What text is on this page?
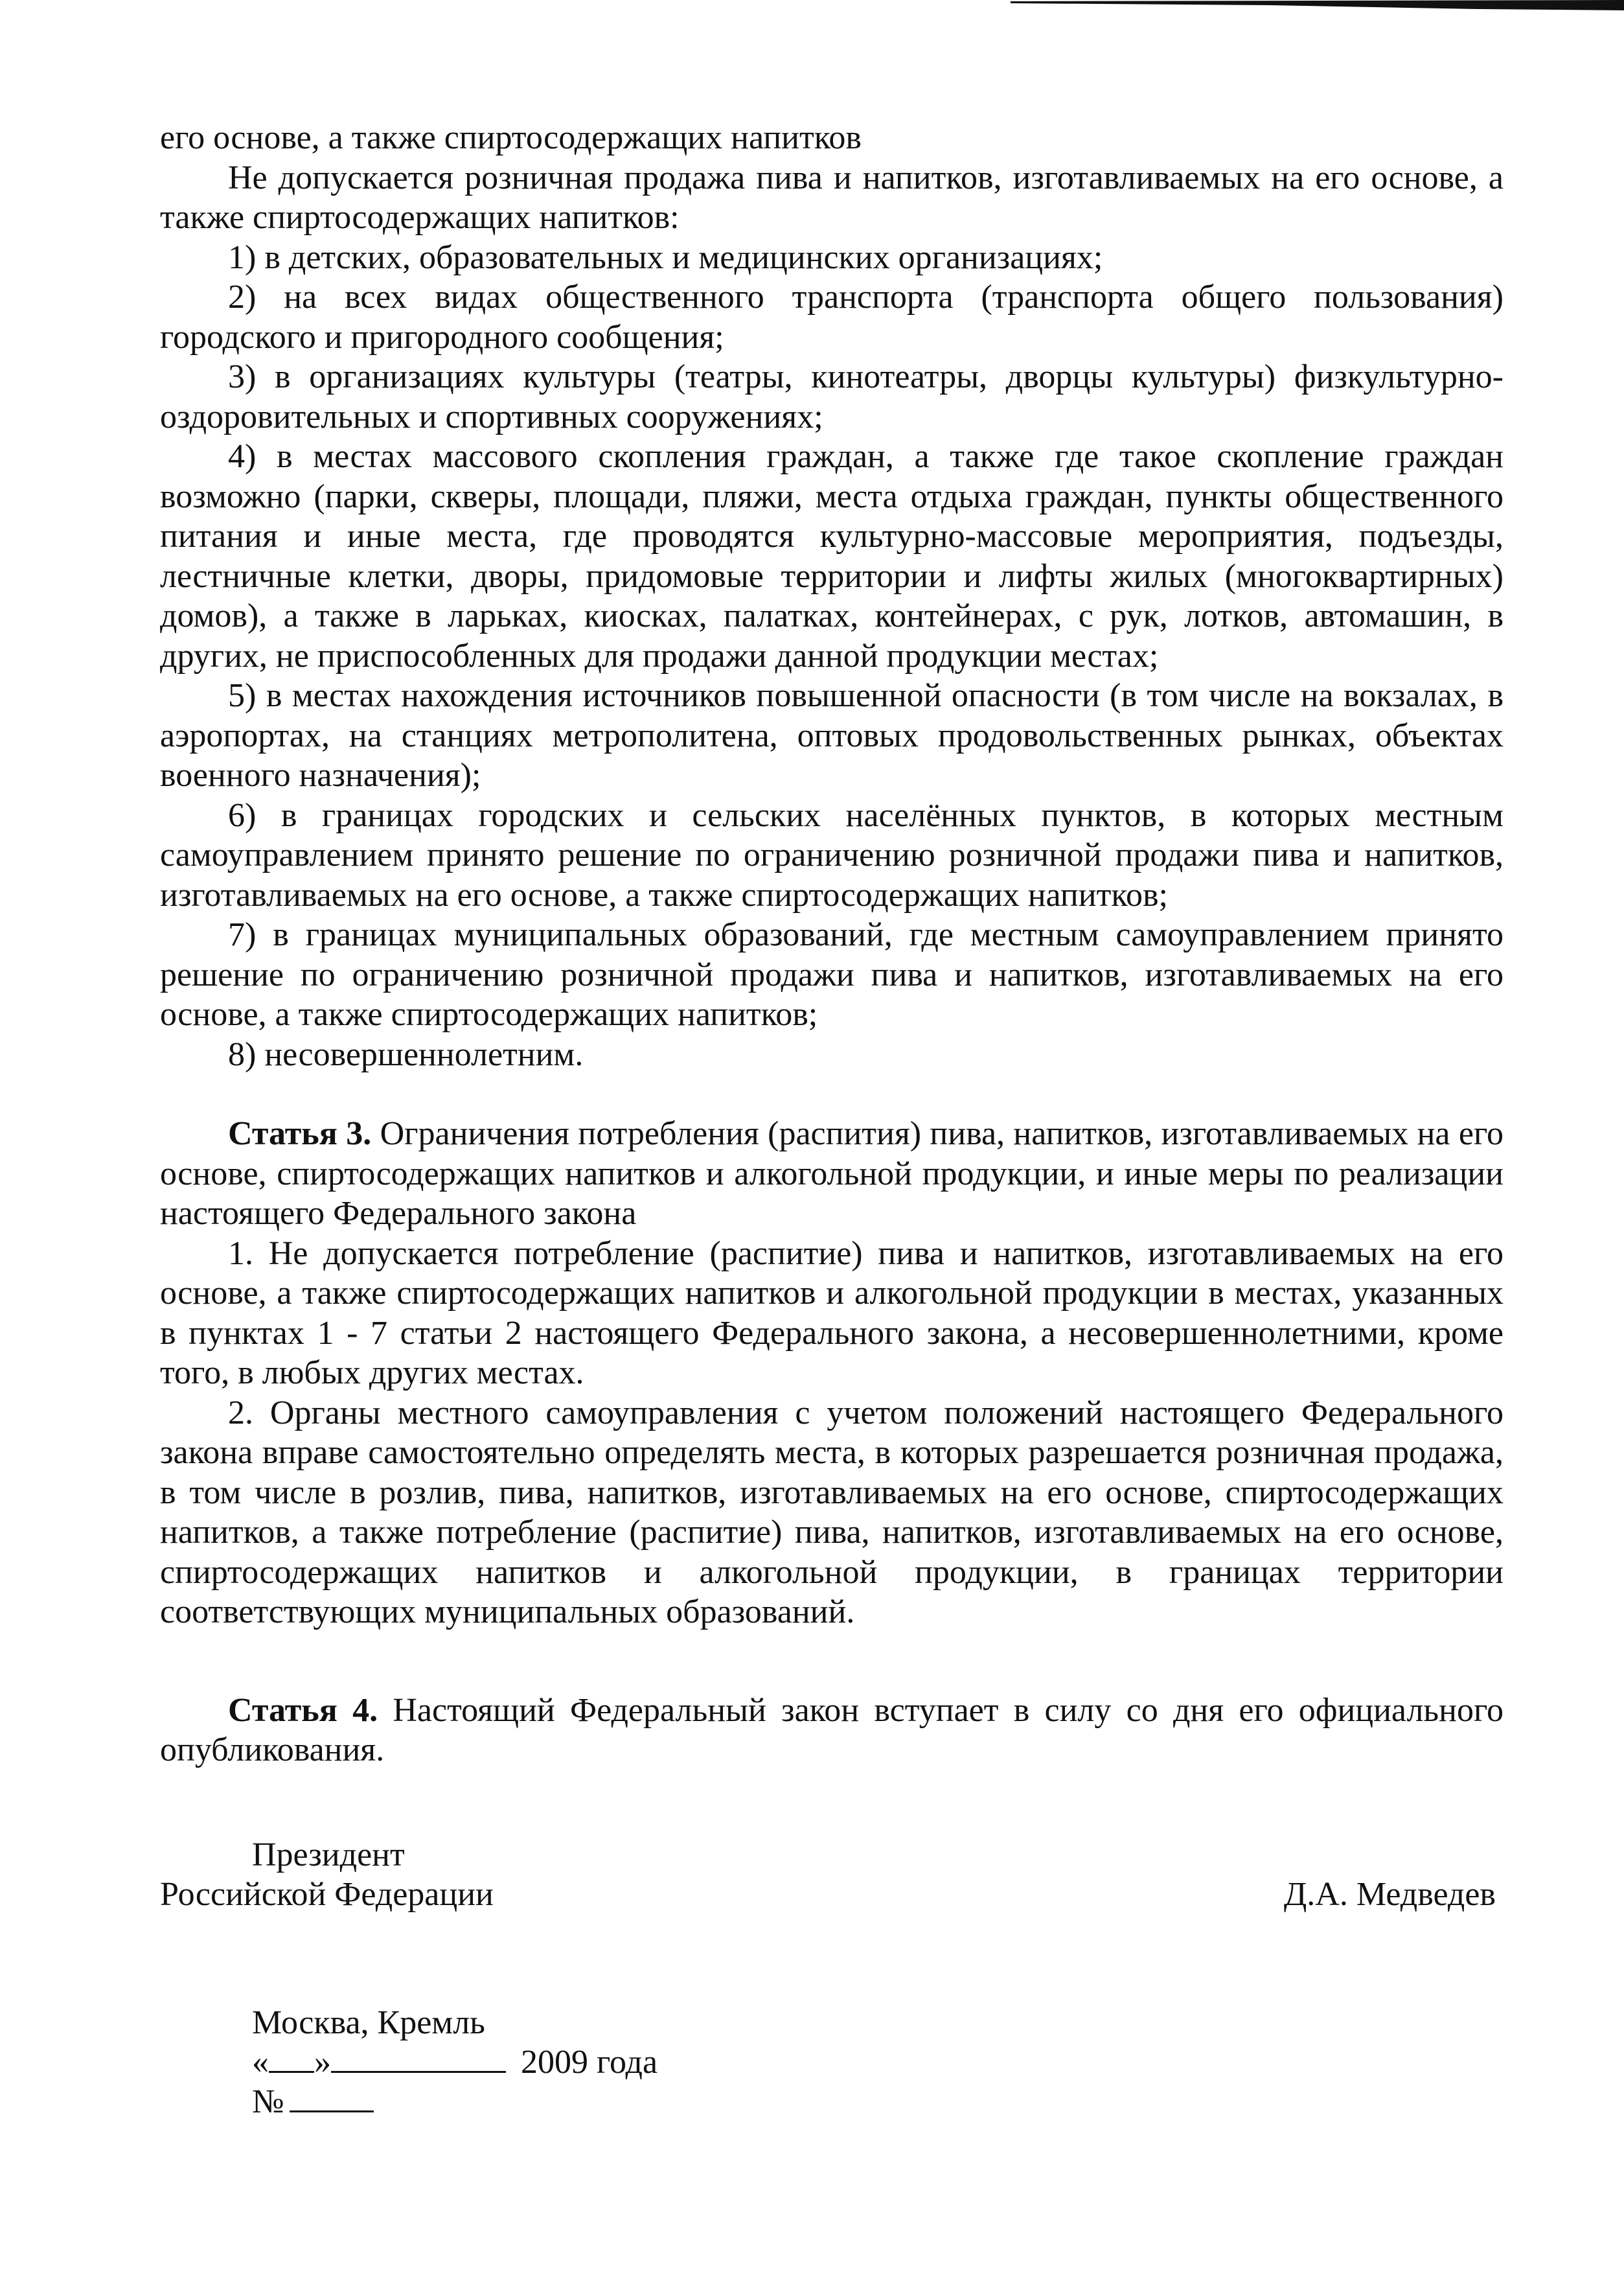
его основе, а также спиртосодержащих напитков

Не допускается розничная продажа пива и напитков, изготавливаемых на его основе, а также спиртосодержащих напитков:

1) в детских, образовательных и медицинских организациях;

2) на всех видах общественного транспорта (транспорта общего пользования) городского и пригородного сообщения;

3) в организациях культуры (театры, кинотеатры, дворцы культуры) физкультурно-оздоровительных и спортивных сооружениях;

4) в местах массового скопления граждан, а также где такое скопление граждан возможно (парки, скверы, площади, пляжи, места отдыха граждан, пункты общественного питания и иные места, где проводятся культурно-массовые мероприятия, подъезды, лестничные клетки, дворы, придомовые территории и лифты жилых (многоквартирных) домов), а также в ларьках, киосках, палатках, контейнерах, с рук, лотков, автомашин, в других, не приспособленных для продажи данной продукции местах;

5) в местах нахождения источников повышенной опасности (в том числе на вокзалах, в аэропортах, на станциях метрополитена, оптовых продовольственных рынках, объектах военного назначения);

6) в границах городских и сельских населённых пунктов, в которых местным самоуправлением принято решение по ограничению розничной продажи пива и напитков, изготавливаемых на его основе, а также спиртосодержащих напитков;

7) в границах муниципальных образований, где местным самоуправлением принято решение по ограничению розничной продажи пива и напитков, изготавливаемых на его основе, а также спиртосодержащих напитков;

8) несовершеннолетним.

Статья 3. Ограничения потребления (распития) пива, напитков, изготавливаемых на его основе, спиртосодержащих напитков и алкогольной продукции, и иные меры по реализации настоящего Федерального закона

1. Не допускается потребление (распитие) пива и напитков, изготавливаемых на его основе, а также спиртосодержащих напитков и алкогольной продукции в местах, указанных в пунктах 1 - 7 статьи 2 настоящего Федерального закона, а несовершеннолетними, кроме того, в любых других местах.

2. Органы местного самоуправления с учетом положений настоящего Федерального закона вправе самостоятельно определять места, в которых разрешается розничная продажа, в том числе в розлив, пива, напитков, изготавливаемых на его основе, спиртосодержащих напитков, а также потребление (распитие) пива, напитков, изготавливаемых на его основе, спиртосодержащих напитков и алкогольной продукции, в границах территории соответствующих муниципальных образований.

Статья 4. Настоящий Федеральный закон вступает в силу со дня его официального опубликования.

Президент
Российской Федерации	Д.А. Медведев
Москва, Кремль
« »	2009 года
№
